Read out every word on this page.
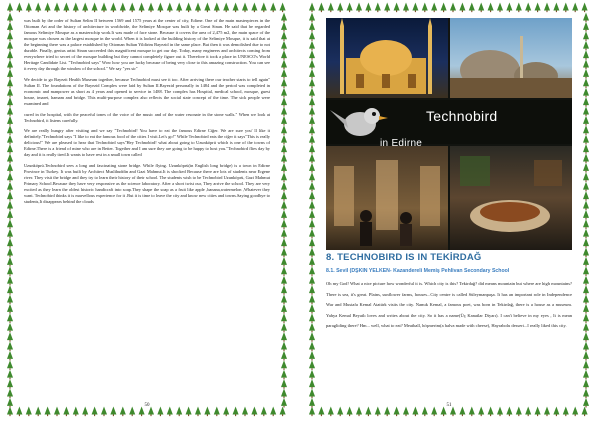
was built by the order of Sultan Selim II between 1569 and 1575 years at the center of city, Edirne. One of the main masterpieces in the Ottoman Art and the history of architecture in worldwide, the Selimiye Mosque was built by a Great Sinan. He said that he regarded famous Selimiye Mosque as a masterschip work.It was made of face stone. Because it covers the area of 2,475 m2, the main space of the mosque was chosen as the largest mosque in the world. When it is looked at the building history of the Selimiye Mosque, it is said that at the beginning there was a palace established by Ottoman Sultan Yildirim Bayezid in the same place. But then it was demolished due to not durable. Finally, genius artist Sinan succeeded this magnificent mosque to get our day. Today, many engineers and architects coming from everywhere tried to secret of the mosque building but they cannot completely figure out it. Therefore it took a place in UNESCO's World Heritage Candidate List. "Technobird says" Wow how you are lucky because of being very close to this amazing construction. You can see it every day through the window of the school." We say "yes sir"

We decide to go Bayezit Health Museum together, because Technobird must see it too. After arriving there our teacher starts to tell again" Sultan II. The foundations of the Bayezid Complex were laid by Sultan II.Bayezid personally in 1484 and the period was completed in economic and manpower as short as 4 years and opened to service in 1488. The complex has Hospital, medical school, mosque, guest house, imaret, hamam and bridge. This multi-purpose complex also reflects the social state concept of the time. The sick people were examined and

cured in the hospital, with the peaceful tones of the voice of the music and of the water resonate in the stone walls." When we look at Technobird, it listens carefully.

We are really hungry after visiting and we say "Technobird! You have to eat the famous Edirne Ciğer. We are sure you' ll like it definitely."Technobird says "I like to eat the famous food of the cities I visit.Let's go!" While Technobird eats the ciğer it says"This is really delicious!" We are pleased to hear that Technobird says"Hey Technobird! what about going to Uzunköprü which is one of the towns of Edirne.There is a friend of mine who are in Better. Together and I am sure they are going to be happy to host you."Technobird flies day by day and it is really tired.It wants to have rest in a small town called

Uzunköprü.Technobird sees a long and fascinating stone bridge. While flying. Uzunköprü(in English long bridge) is a town in Edirne Province in Turkey. It was built by Architect Muslihuddin and Gazi Mahmut.It is shocked Because there are lots of students near Ergene river. They visit the bridge and they try to learn their history of their school. The students wish to be Technobird Uzunköprü, Gazi Mahmut Primary School.Because they have very responsive as the science laboratory. After a short twist our, They arrive the school. They are very excited as they learn the oldest historic handicraft into soap.They shape the soap as a fruit like apple ,banana,watermelon ,Whatever they want. Technobird thinks it is marvellous experience for it .But it is time to leave the city and know new cities and towns.Saying goodbye to students,It disappears behind the clouds

50
Technobird
in Edirne
8. TECHNOBIRD IS IN TEKİRDAĞ
8.1. Sevil (DŞKIN YELKEN- Kazandereli Memiş Pehlivan Secondary School
Oh my God! What a nice picture how wonderful it is. Which city is this? Tekirdağ? did means mountain but where are high mountains? There is sea, it's great. Plains, sunflower farms, houses...City centre is called Süleymanpaşa. It has an important role in Independence War and Mustafa Kemal Atatürk visits the city. Namık Kemal, a famous poet, was born in Tekirdağ, there is a house as a museum. Yahya Kemal Beyatlı loves and writes about the city. So it has a name(Üç Kanatlar Diyarı). I can't believe in my eyes , It is mean paragliding there? Hm... well, what to eat? Meatball, höşmerim(a halva made with cheese), Hayrabolu dessert...I really liked this city.
51
